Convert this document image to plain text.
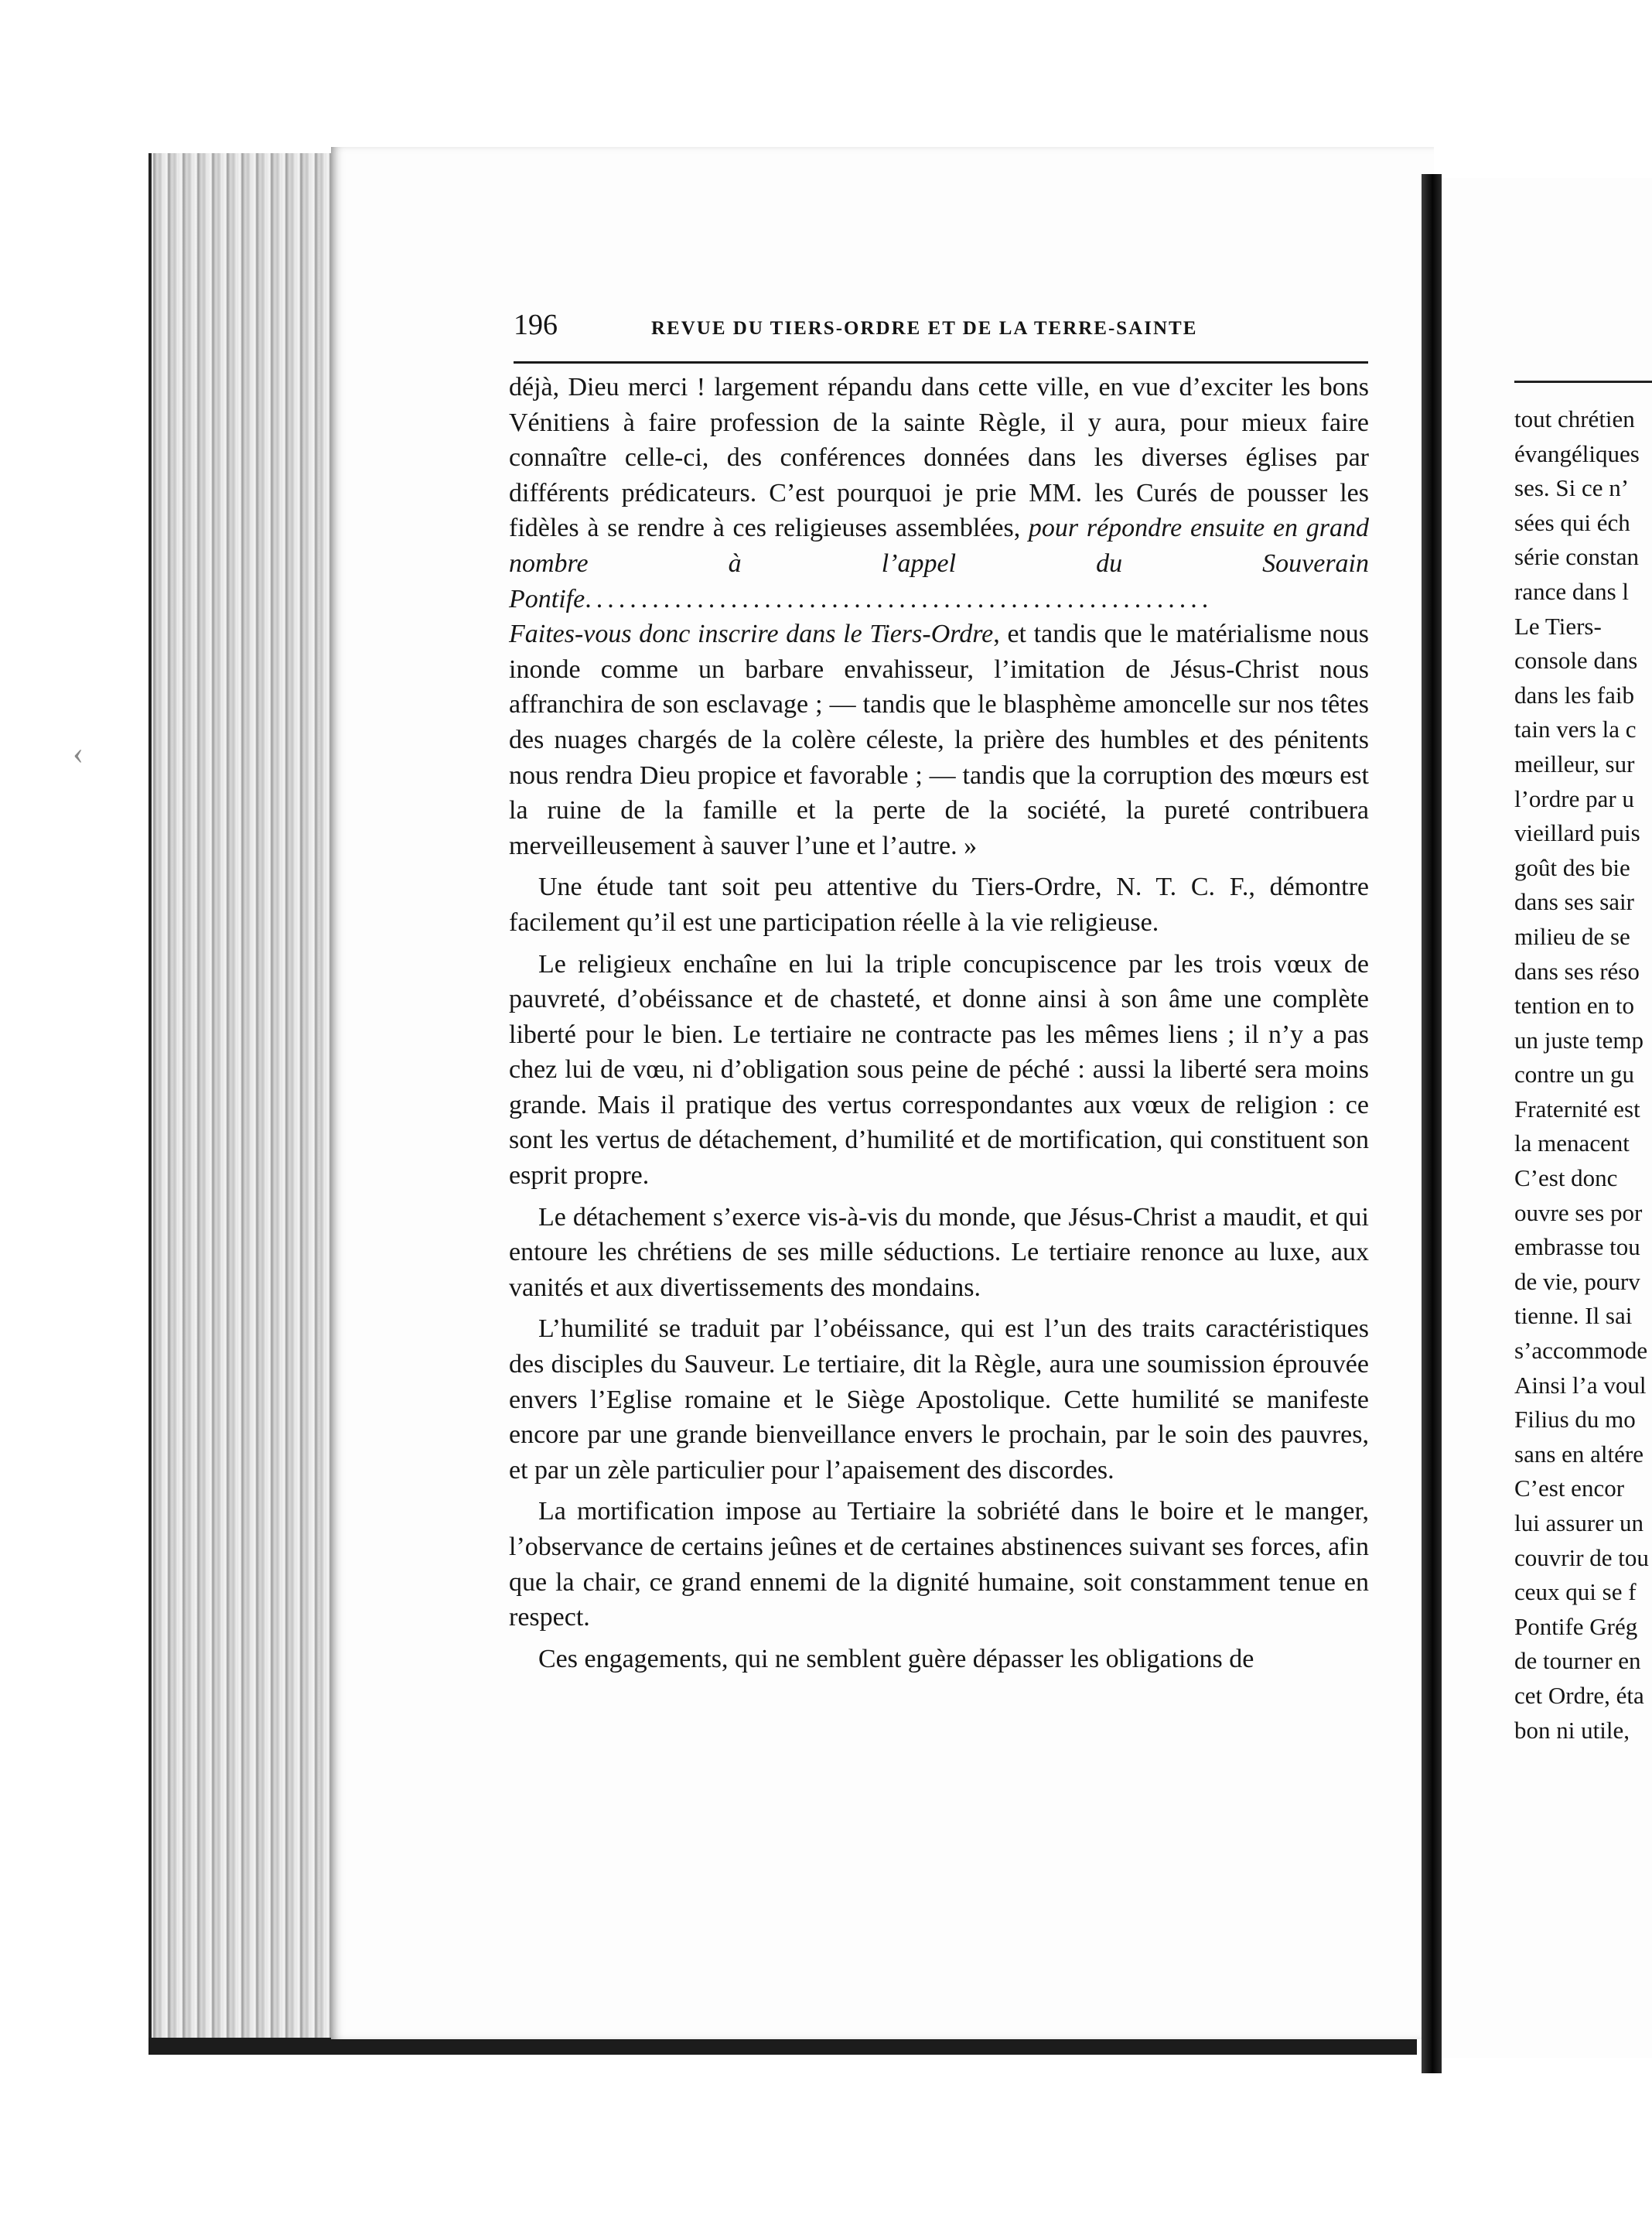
‹
tout chrétien
évangéliques
ses. Si ce n’
sées qui éch
série constan
rance dans l
Le Tiers-
console dans
dans les faib
tain vers la c
meilleur, sur
l’ordre par u
vieillard puis
goût des bie
dans ses sair
milieu de se
dans ses réso
tention en to
un juste temp
contre un gu
Fraternité est
la menacent
C’est donc
ouvre ses por
embrasse tou
de vie, pourv
tienne. Il sai
s’accommode
Ainsi l’a voul
Filius du mo
sans en altére
C’est encor
lui assurer un
couvrir de tou
ceux qui se f
Pontife Grég
de tourner en
cet Ordre, éta
bon ni utile,
196	REVUE DU TIERS-ORDRE ET DE LA TERRE-SAINTE

déjà, Dieu merci ! largement répandu dans cette ville, en vue d’exciter les bons Vénitiens à faire profession de la sainte Règle, il y aura, pour mieux faire connaître celle-ci, des conférences données dans les diverses églises par différents prédicateurs. C’est pourquoi je prie MM. les Curés de pousser les fidèles à se rendre à ces religieuses assemblées, pour répondre ensuite en grand nombre à l’appel du Souverain Pontife........................................................

Faites-vous donc inscrire dans le Tiers-Ordre, et tandis que le matérialisme nous inonde comme un barbare envahisseur, l’imitation de Jésus-Christ nous affranchira de son esclavage ; — tandis que le blasphème amoncelle sur nos têtes des nuages chargés de la colère céleste, la prière des humbles et des pénitents nous rendra Dieu propice et favorable ; — tandis que la corruption des mœurs est la ruine de la famille et la perte de la société, la pureté contribuera merveilleusement à sauver l’une et l’autre. »

Une étude tant soit peu attentive du Tiers-Ordre, N. T. C. F., démontre facilement qu’il est une participation réelle à la vie religieuse.

Le religieux enchaîne en lui la triple concupiscence par les trois vœux de pauvreté, d’obéissance et de chasteté, et donne ainsi à son âme une complète liberté pour le bien. Le tertiaire ne contracte pas les mêmes liens ; il n’y a pas chez lui de vœu, ni d’obligation sous peine de péché : aussi la liberté sera moins grande. Mais il pratique des vertus correspondantes aux vœux de religion : ce sont les vertus de détachement, d’humilité et de mortification, qui constituent son esprit propre.

Le détachement s’exerce vis-à-vis du monde, que Jésus-Christ a maudit, et qui entoure les chrétiens de ses mille séductions. Le tertiaire renonce au luxe, aux vanités et aux divertissements des mondains.

L’humilité se traduit par l’obéissance, qui est l’un des traits caractéristiques des disciples du Sauveur. Le tertiaire, dit la Règle, aura une soumission éprouvée envers l’Eglise romaine et le Siège Apostolique. Cette humilité se manifeste encore par une grande bienveillance envers le prochain, par le soin des pauvres, et par un zèle particulier pour l’apaisement des discordes.

La mortification impose au Tertiaire la sobriété dans le boire et le manger, l’observance de certains jeûnes et de certaines abstinences suivant ses forces, afin que la chair, ce grand ennemi de la dignité humaine, soit constamment tenue en respect.

Ces engagements, qui ne semblent guère dépasser les obligations de
